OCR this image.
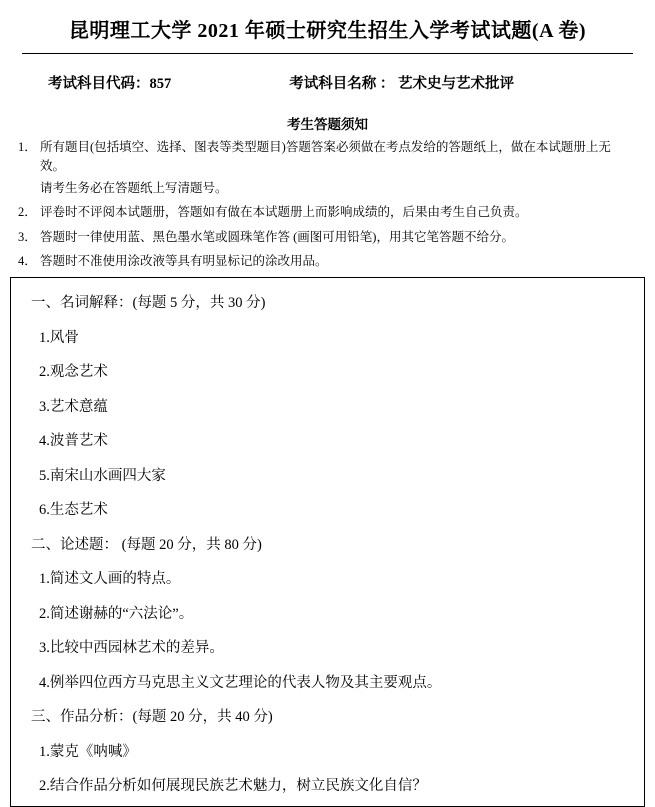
昆明理工大学 2021 年硕士研究生招生入学考试试题(A 卷)
考试科目代码：857	考试科目名称 ： 艺术史与艺术批评
考生答题须知
1． 所有题目(包括填空、选择、图表等类型题目)答题答案必须做在考点发给的答题纸上，做在本试题册上无效。
请考生务必在答题纸上写清题号。
2． 评卷时不评阅本试题册，答题如有做在本试题册上而影响成绩的，后果由考生自己负责。
3． 答题时一律使用蓝、黑色墨水笔或圆珠笔作答 (画图可用铅笔)，用其它笔答题不给分。
4． 答题时不准使用涂改液等具有明显标记的涂改用品。
一、名词解释：(每题 5 分，共 30 分)
1.风骨
2.观念艺术
3.艺术意蕴
4.波普艺术
5.南宋山水画四大家
6.生态艺术
二、论述题： (每题 20 分，共 80 分)
1.简述文人画的特点。
2.简述谢赫的“六法论”。
3.比较中西园林艺术的差异。
4.例举四位西方马克思主义文艺理论的代表人物及其主要观点。
三、作品分析：(每题 20 分，共 40 分)
1.蒙克《呐喊》
2.结合作品分析如何展现民族艺术魅力，树立民族文化自信？
